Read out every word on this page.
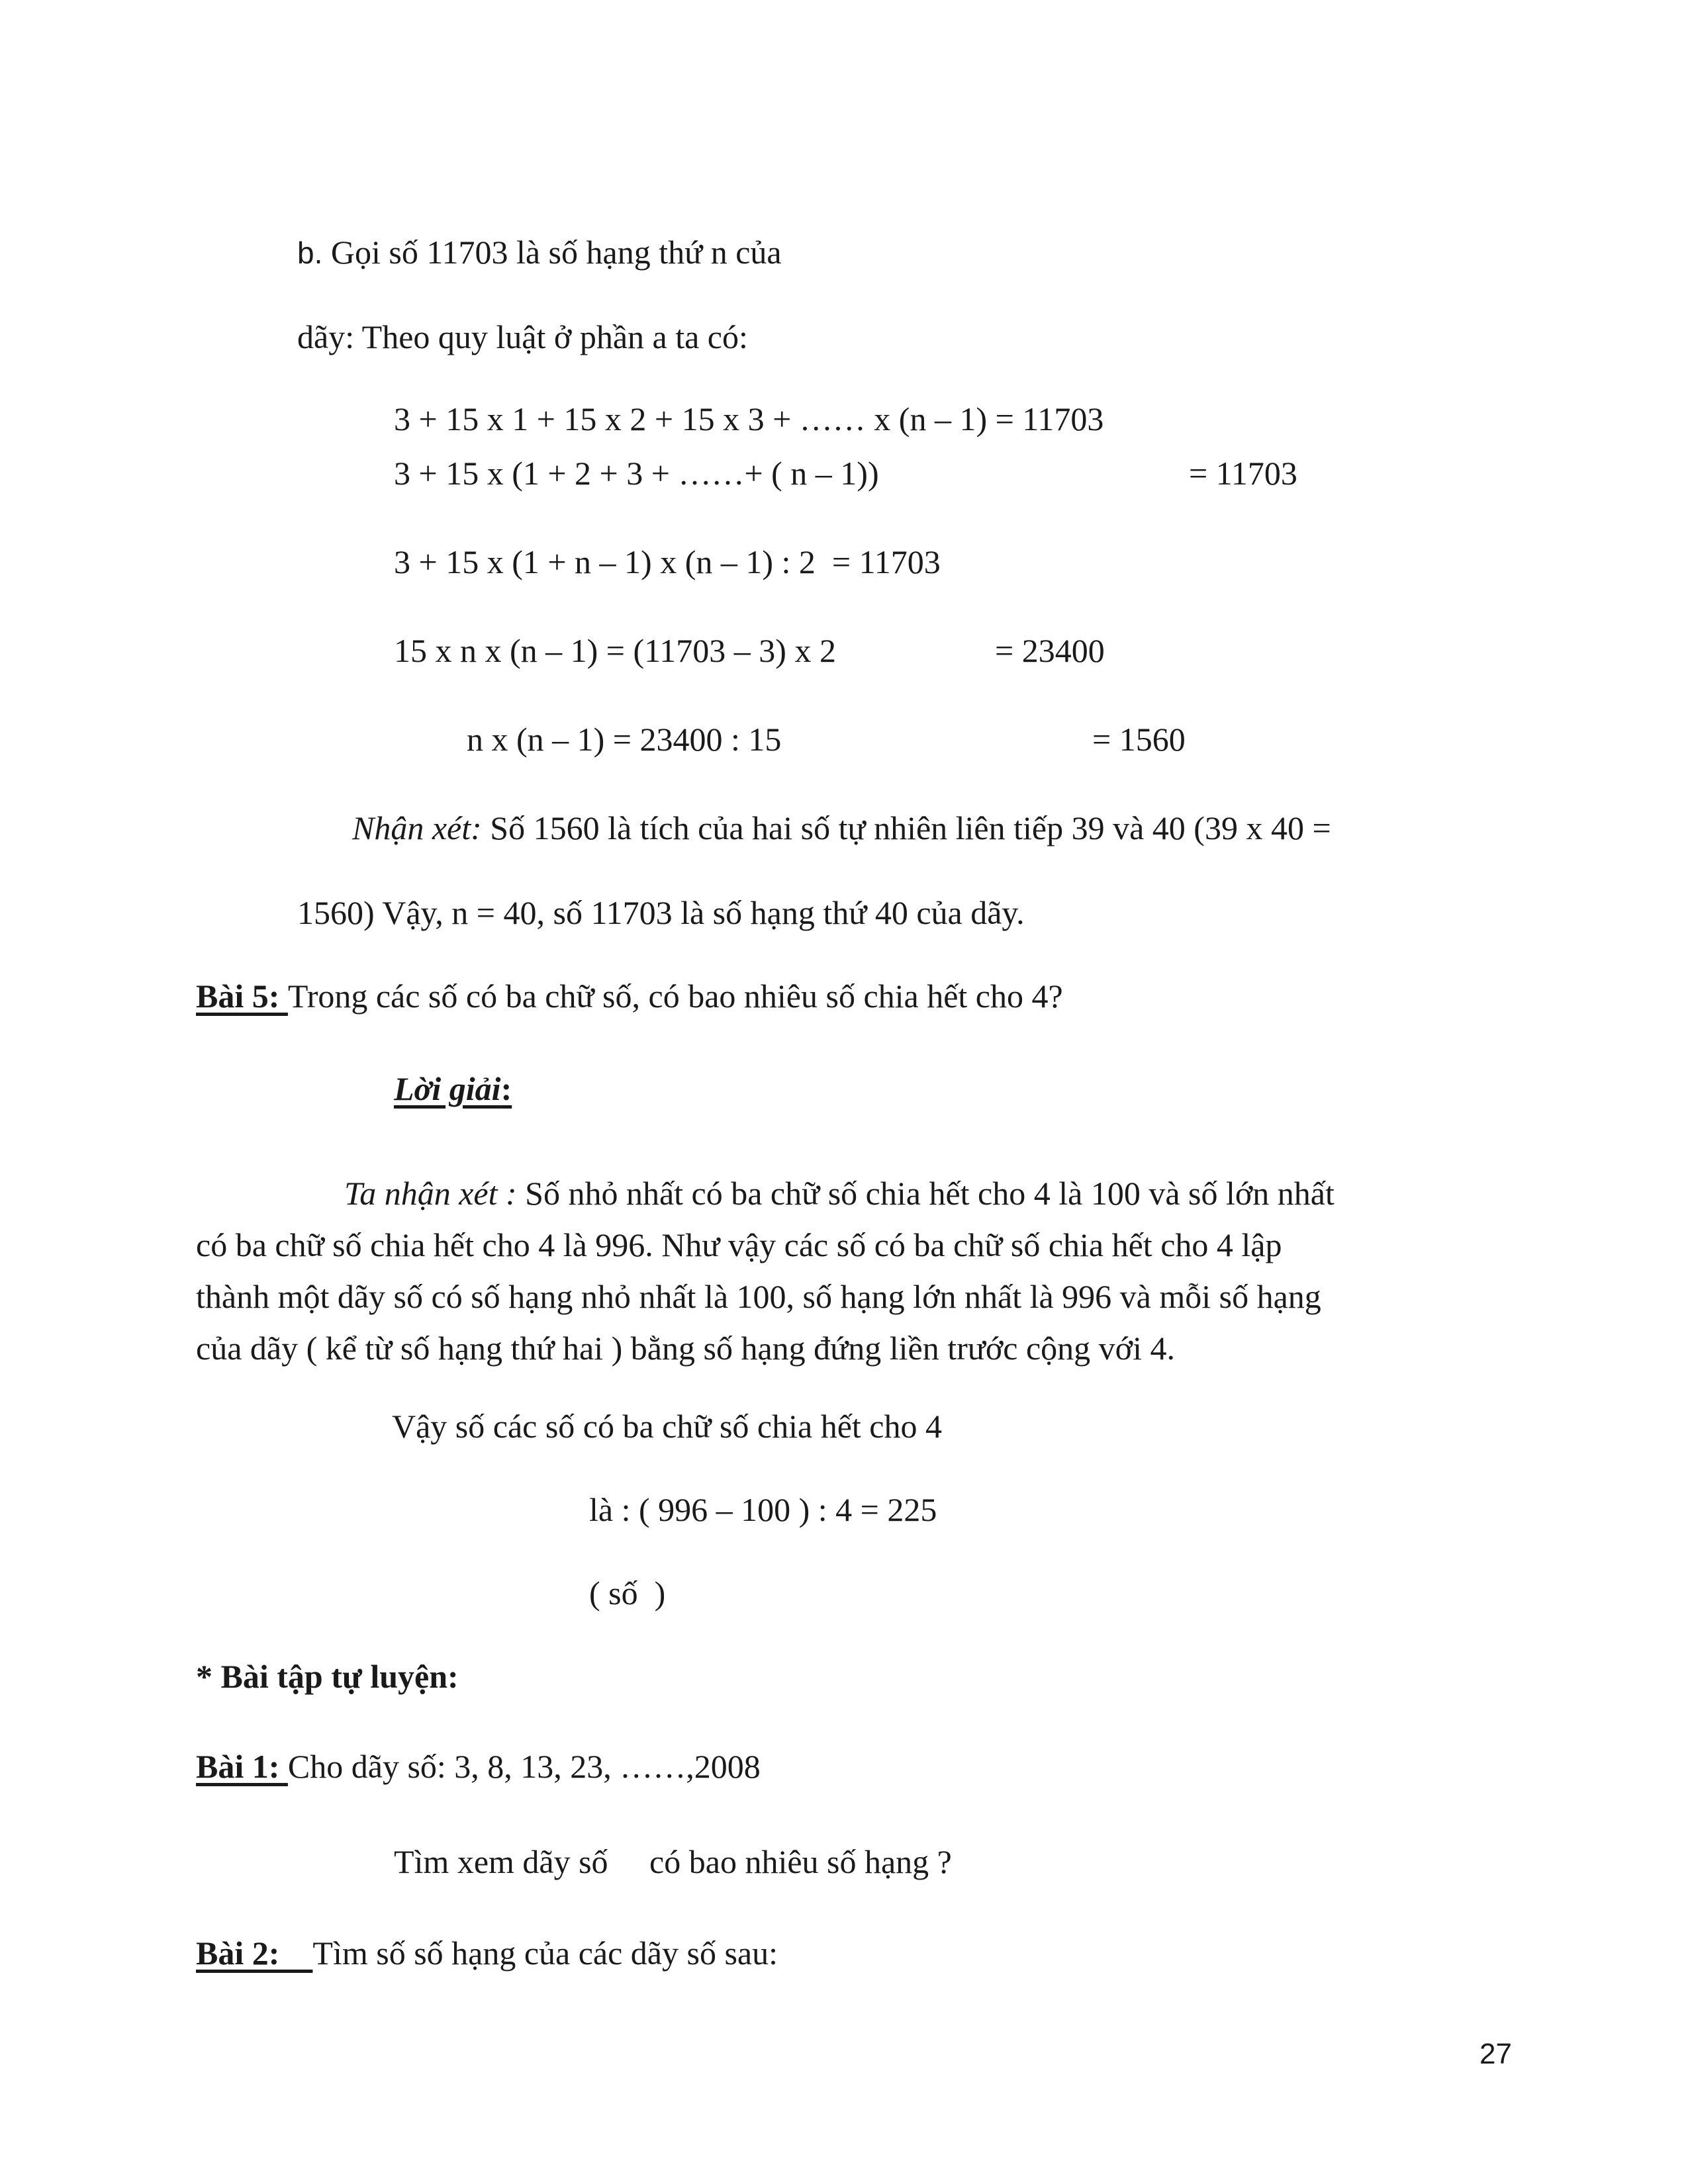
b. Gọi số 11703 là số hạng thứ n của
dãy: Theo quy luật ở phần a ta có:
3 + 15 x 1 + 15 x 2 + 15 x 3 + …… x (n – 1) = 11703
3 + 15 x (1 + 2 + 3 + ……+ ( n – 1))	= 11703
3 + 15 x (1 + n – 1) x (n – 1) : 2  = 11703
15 x n x (n – 1) = (11703 – 3) x 2	= 23400
n x (n – 1) = 23400 : 15	= 1560
Nhận xét: Số 1560 là tích của hai số tự nhiên liên tiếp 39 và 40 (39 x 40 =
1560) Vậy, n = 40, số 11703 là số hạng thứ 40 của dãy.
Bài 5: Trong các số có ba chữ số, có bao nhiêu số chia hết cho 4?
Lời giải:
Ta nhận xét : Số nhỏ nhất có ba chữ số chia hết cho 4 là 100 và số lớn nhất
có ba chữ số chia hết cho 4 là 996. Như vậy các số có ba chữ số chia hết cho 4 lập
thành một dãy số có số hạng nhỏ nhất là 100, số hạng lớn nhất là 996 và mỗi số hạng
của dãy ( kể từ số hạng thứ hai ) bằng số hạng đứng liền trước cộng với 4.
Vậy số các số có ba chữ số chia hết cho 4
là : ( 996 – 100 ) : 4 = 225
( số  )
* Bài tập tự luyện:
Bài 1: Cho dãy số: 3, 8, 13, 23, ……,2008
Tìm xem dãy số     có bao nhiêu số hạng ?
Bài 2:    Tìm số số hạng của các dãy số sau:
27
